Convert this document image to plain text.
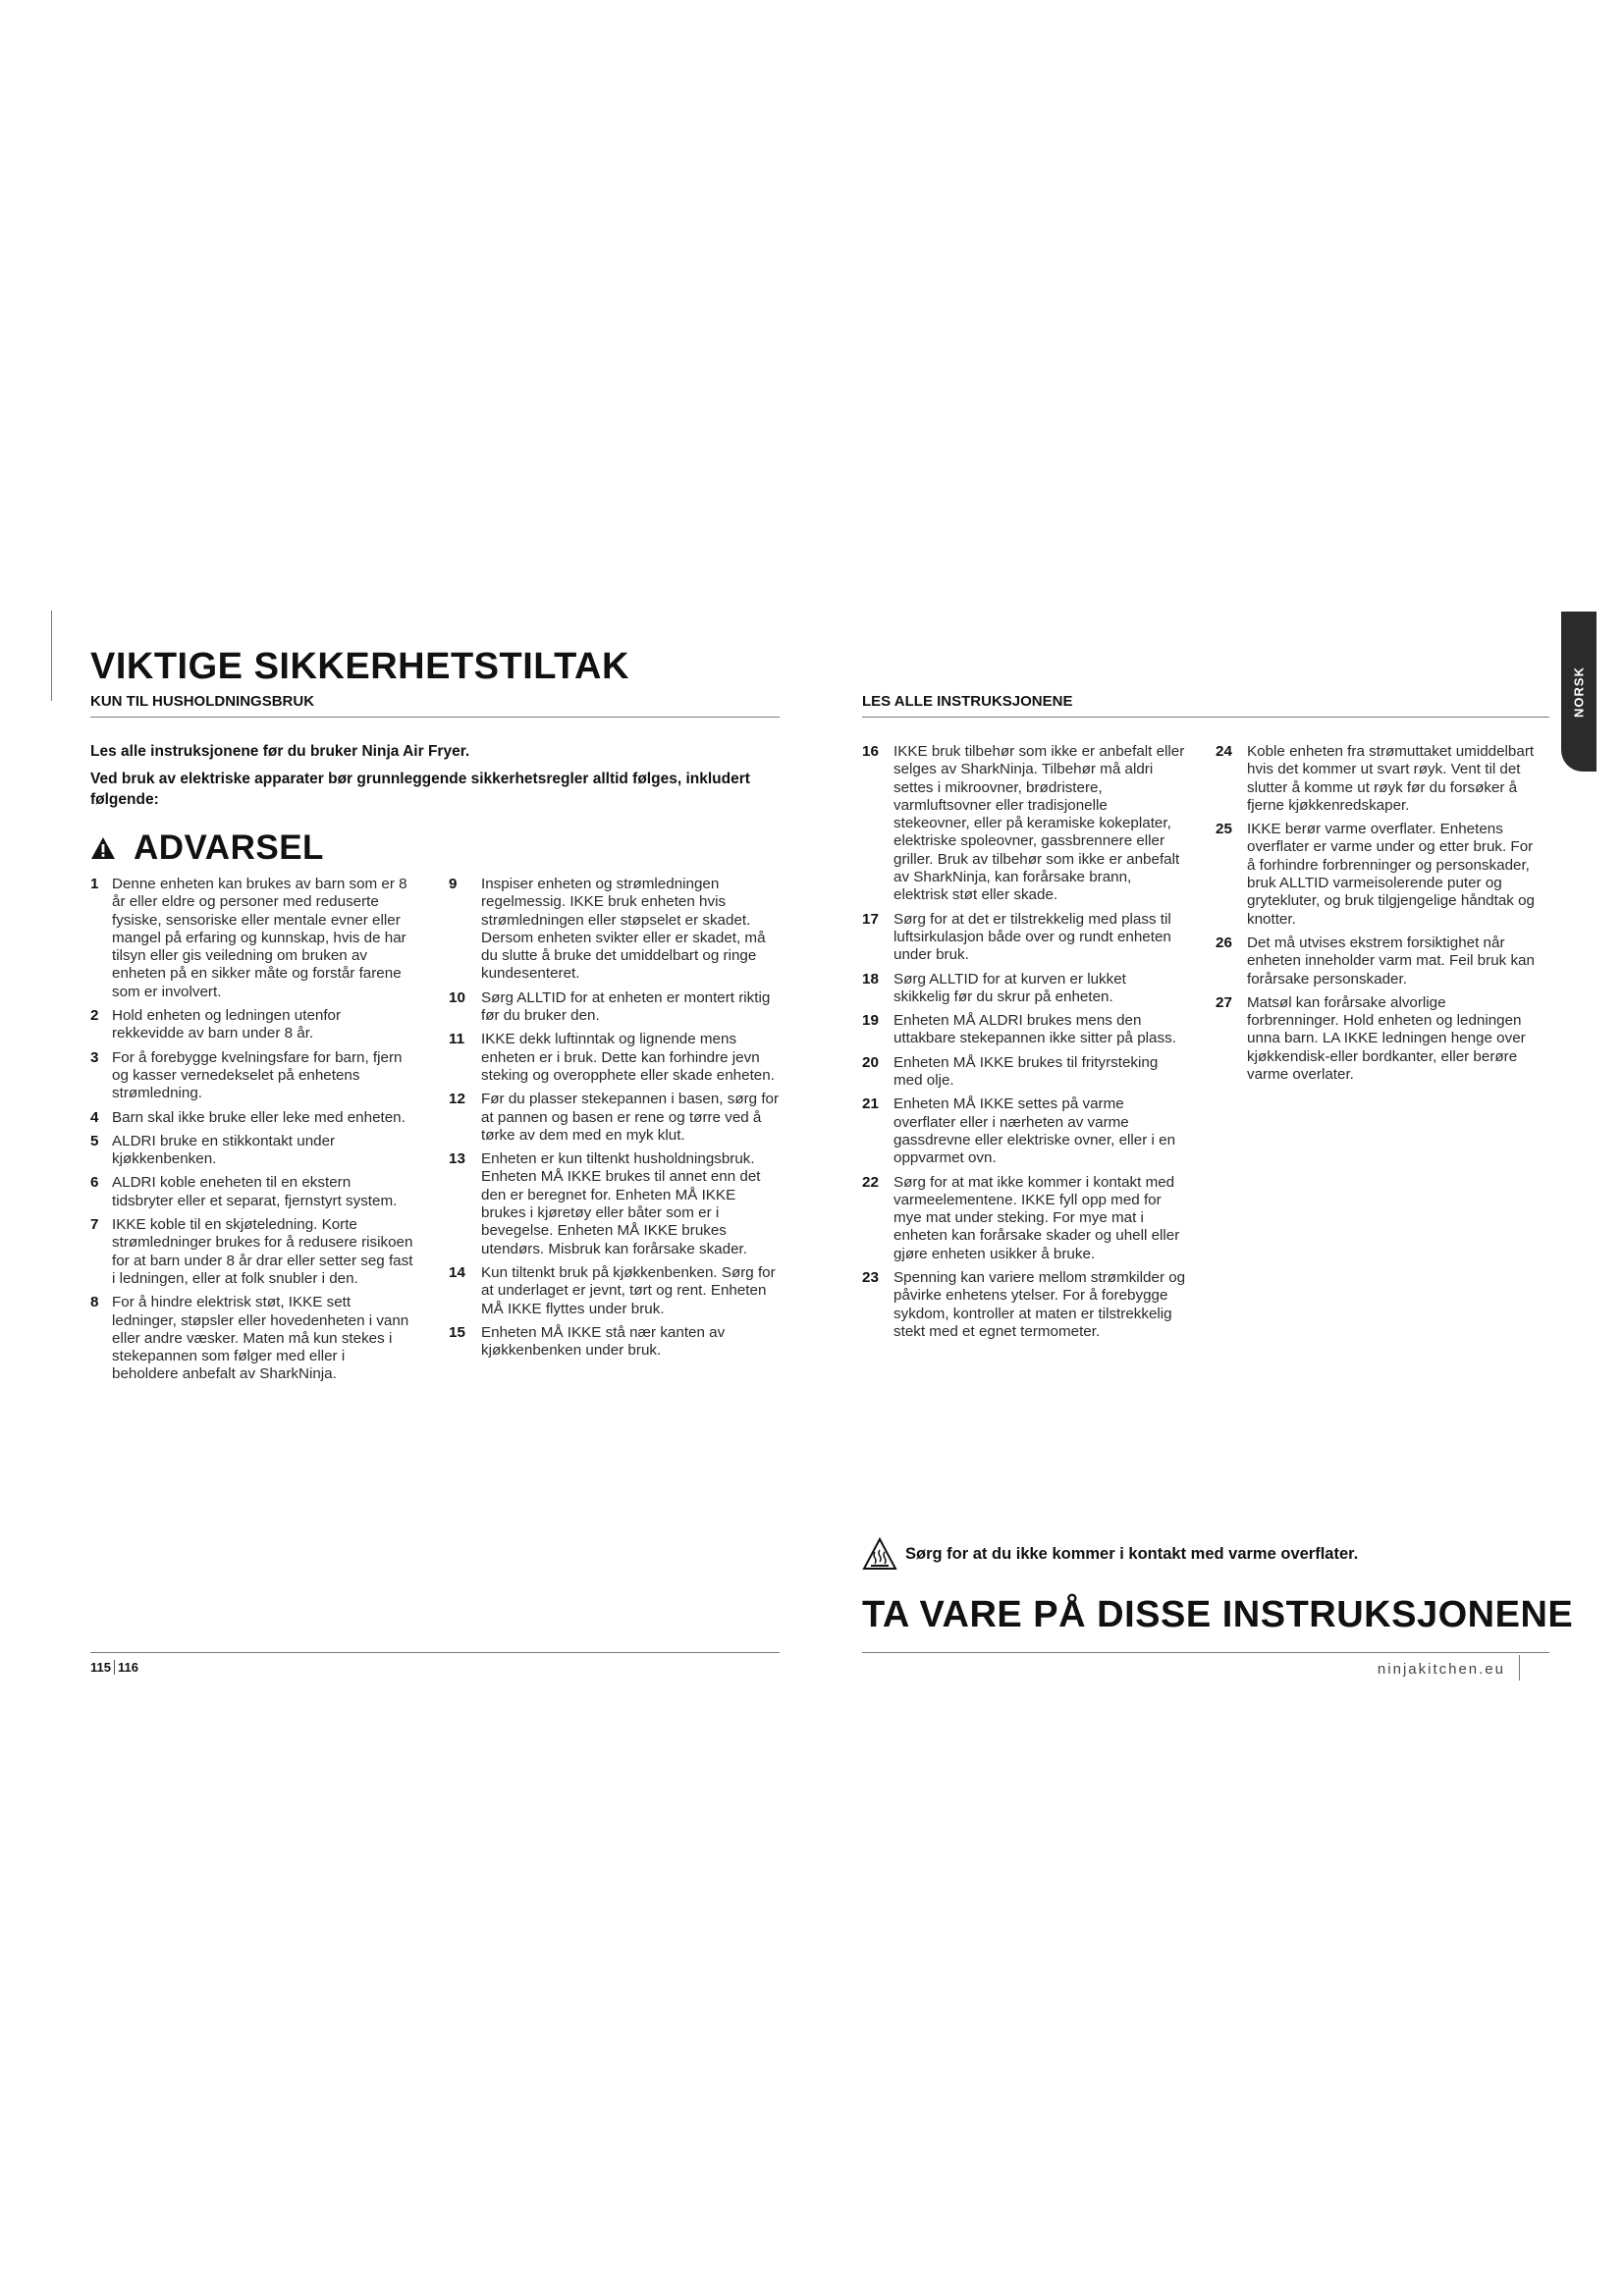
NORSK
VIKTIGE SIKKERHETSTILTAK
KUN TIL HUSHOLDNINGSBRUK	LES ALLE INSTRUKSJONENE
Les alle instruksjonene før du bruker Ninja Air Fryer.
Ved bruk av elektriske apparater bør grunnleggende sikkerhetsregler alltid følges, inkludert følgende:
ADVARSEL
1 Denne enheten kan brukes av barn som er 8 år eller eldre og personer med reduserte fysiske, sensoriske eller mentale evner eller mangel på erfaring og kunnskap, hvis de har tilsyn eller gis veiledning om bruken av enheten på en sikker måte og forstår farene som er involvert.
2 Hold enheten og ledningen utenfor rekkevidde av barn under 8 år.
3 For å forebygge kvelningsfare for barn, fjern og kasser vernedekselet på enhetens strømledning.
4 Barn skal ikke bruke eller leke med enheten.
5 ALDRI bruke en stikkontakt under kjøkkenbenken.
6 ALDRI koble eneheten til en ekstern tidsbryter eller et separat, fjernstyrt system.
7 IKKE koble til en skjøteledning. Korte strømledninger brukes for å redusere risikoen for at barn under 8 år drar eller setter seg fast i ledningen, eller at folk snubler i den.
8 For å hindre elektrisk støt, IKKE sett ledninger, støpsler eller hovedenheten i vann eller andre væsker. Maten må kun stekes i stekepannen som følger med eller i beholdere anbefalt av SharkNinja.
9	Inspiser enheten og strømledningen regelmessig. IKKE bruk enheten hvis strømledningen eller støpselet er skadet. Dersom enheten svikter eller er skadet, må du slutte å bruke det umiddelbart og ringe kundesenteret.
10	Sørg ALLTID for at enheten er montert riktig før du bruker den.
11	IKKE dekk luftinntak og lignende mens enheten er i bruk. Dette kan forhindre jevn steking og overopphete eller skade enheten.
12	Før du plasser stekepannen i basen, sørg for at pannen og basen er rene og tørre ved å tørke av dem med en myk klut.
13	Enheten er kun tiltenkt husholdningsbruk. Enheten MÅ IKKE brukes til annet enn det den er beregnet for. Enheten MÅ IKKE brukes i kjøretøy eller båter som er i bevegelse. Enheten MÅ IKKE brukes utendørs. Misbruk kan forårsake skader.
14	Kun tiltenkt bruk på kjøkkenbenken. Sørg for at underlaget er jevnt, tørt og rent. Enheten MÅ IKKE flyttes under bruk.
15	Enheten MÅ IKKE stå nær kanten av kjøkkenbenken under bruk.
16 IKKE bruk tilbehør som ikke er anbefalt eller selges av SharkNinja. Tilbehør må aldri settes i mikroovner, brødristere, varmluftsovner eller tradisjonelle stekeovner, eller på keramiske kokeplater, elektriske spoleovner, gassbrennere eller griller. Bruk av tilbehør som ikke er anbefalt av SharkNinja, kan forårsake brann, elektrisk støt eller skade.
17 Sørg for at det er tilstrekkelig med plass til luftsirkulasjon både over og rundt enheten under bruk.
18 Sørg ALLTID for at kurven er lukket skikkelig før du skrur på enheten.
19 Enheten MÅ ALDRI brukes mens den uttakbare stekepannen ikke sitter på plass.
20 Enheten MÅ IKKE brukes til frityrsteking med olje.
21 Enheten MÅ IKKE settes på varme overflater eller i nærheten av varme gassdrevne eller elektriske ovner, eller i en oppvarmet ovn.
22 Sørg for at mat ikke kommer i kontakt med varmeelementene. IKKE fyll opp med for mye mat under steking. For mye mat i enheten kan forårsake skader og uhell eller gjøre enheten usikker å bruke.
23 Spenning kan variere mellom strømkilder og påvirke enhetens ytelser. For å forebygge sykdom, kontroller at maten er tilstrekkelig stekt med et egnet termometer.
24 Koble enheten fra strømuttaket umiddelbart hvis det kommer ut svart røyk. Vent til det slutter å komme ut røyk før du forsøker å fjerne kjøkkenredskaper.
25 IKKE berør varme overflater. Enhetens overflater er varme under og etter bruk. For å forhindre forbrenninger og personskader, bruk ALLTID varmeisolerende puter og grytekluter, og bruk tilgjengelige håndtak og knotter.
26 Det må utvises ekstrem forsiktighet når enheten inneholder varm mat. Feil bruk kan forårsake personskader.
27 Matsøl kan forårsake alvorlige forbrenninger. Hold enheten og ledningen unna barn. LA IKKE ledningen henge over kjøkkendisk-eller bordkanter, eller berøre varme overlater.
Sørg for at du ikke kommer i kontakt med varme overflater.
TA VARE PÅ DISSE INSTRUKSJONENE
115 116	ninjakitchen.eu
